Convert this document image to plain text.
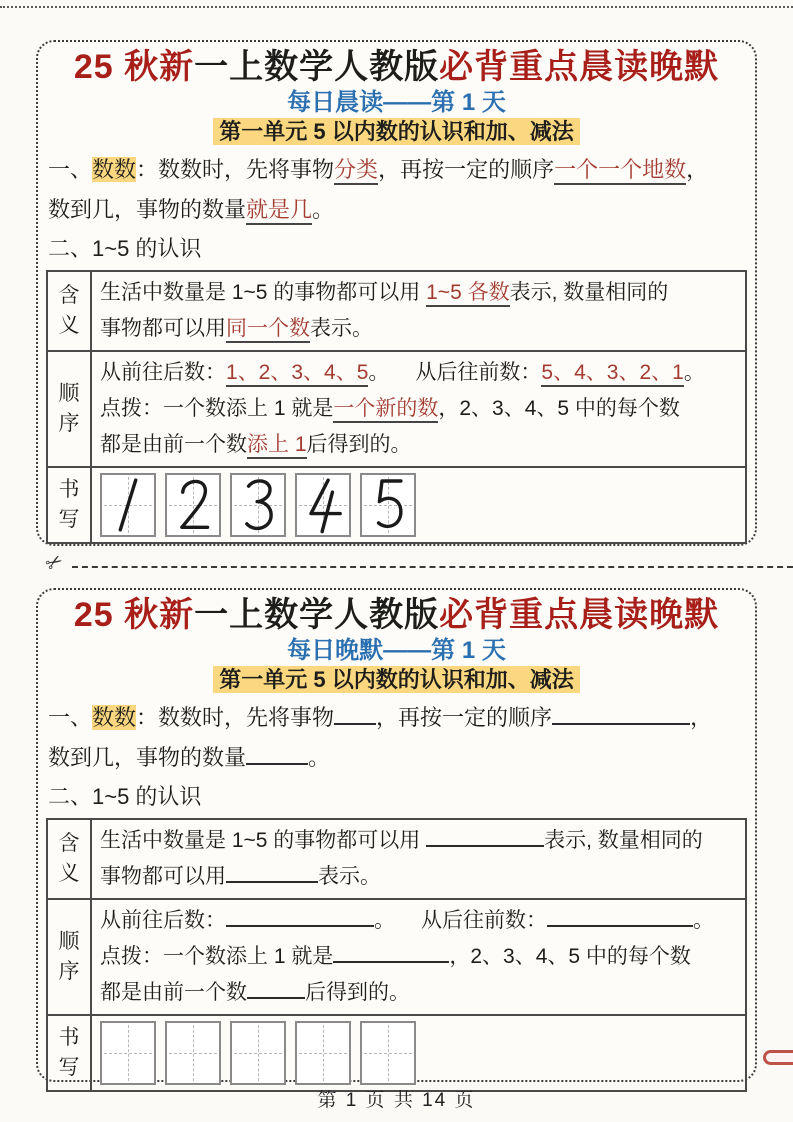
25 秋新一上数学人教版必背重点晨读晚默
每日晨读——第 1 天
第一单元 5 以内数的认识和加、减法

一、数数：数数时，先将事物分类，再按一定的顺序一个一个地数，
数到几，事物的数量就是几。

二、1~5 的认识

含义	生活中数量是 1~5 的事物都可以用 1~5 各数表示, 数量相同的
事物都可以用同一个数表示。
顺序	从前往后数：1、2、3、4、5。 从后往前数：5、4、3、2、1。
点拨：一个数添上 1 就是一个新的数，2、3、4、5 中的每个数
都是由前一个数添上 1后得到的。
书写	
✂
25 秋新一上数学人教版必背重点晨读晚默
每日晚默——第 1 天
第一单元 5 以内数的认识和加、减法

一、数数：数数时，先将事物 ，再按一定的顺序	，
数到几，事物的数量	。

二、1~5 的认识

含义	生活中数量是 1~5 的事物都可以用 表示, 数量相同的
事物都可以用 表示。
顺序	从前往后数： 。 从后往前数： 。
点拨：一个数添上 1 就是 ，2、3、4、5 中的每个数
都是由前一个数 后得到的。
书写	
第 1 页 共 14 页
